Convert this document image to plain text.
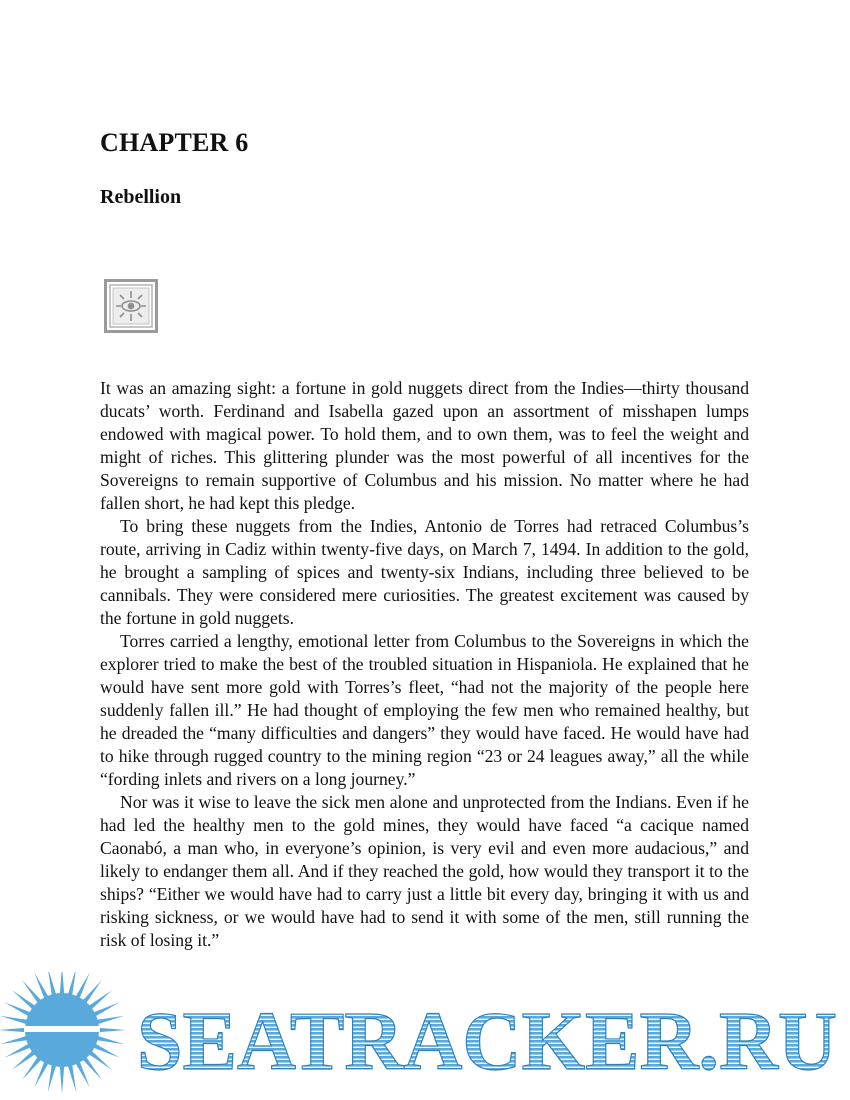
CHAPTER 6
Rebellion

It was an amazing sight: a fortune in gold nuggets direct from the Indies—thirty thousand ducats’ worth. Ferdinand and Isabella gazed upon an assortment of misshapen lumps endowed with magical power. To hold them, and to own them, was to feel the weight and might of riches. This glittering plunder was the most powerful of all incentives for the Sovereigns to remain supportive of Columbus and his mission. No matter where he had fallen short, he had kept this pledge.

To bring these nuggets from the Indies, Antonio de Torres had retraced Columbus’s route, arriving in Cadiz within twenty-five days, on March 7, 1494. In addition to the gold, he brought a sampling of spices and twenty-six Indians, including three believed to be cannibals. They were considered mere curiosities. The greatest excitement was caused by the fortune in gold nuggets.

Torres carried a lengthy, emotional letter from Columbus to the Sovereigns in which the explorer tried to make the best of the troubled situation in Hispaniola. He explained that he would have sent more gold with Torres’s fleet, “had not the majority of the people here suddenly fallen ill.” He had thought of employing the few men who remained healthy, but he dreaded the “many difficulties and dangers” they would have faced. He would have had to hike through rugged country to the mining region “23 or 24 leagues away,” all the while “fording inlets and rivers on a long journey.”

Nor was it wise to leave the sick men alone and unprotected from the Indians. Even if he had led the healthy men to the gold mines, they would have faced “a cacique named Caonabó, a man who, in everyone’s opinion, is very evil and even more audacious,” and likely to endanger them all. And if they reached the gold, how would they transport it to the ships? “Either we would have had to carry just a little bit every day, bringing it with us and risking sickness, or we would have had to send it with some of the men, still running the risk of losing it.”

SEATRACKER.RU
